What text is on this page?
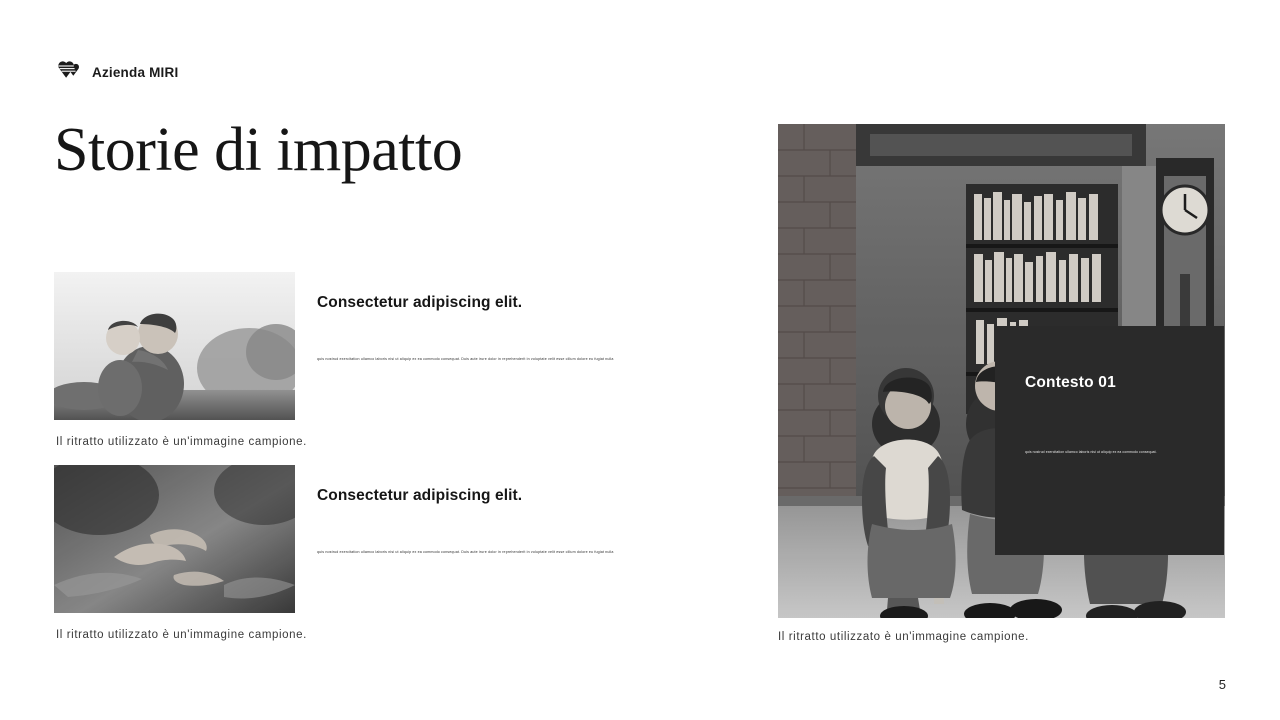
Azienda MIRI
Storie di impatto
Il ritratto utilizzato è un'immagine campione.
Consectetur adipiscing elit.
quis nostrud exercitation ullamco laboris nisi ut aliquip ex ea commodo consequat. Duis aute irure dolor in reprehenderit in voluptate velit esse cillum dolore eu fugiat nulla
Il ritratto utilizzato è un'immagine campione.
Consectetur adipiscing elit.
quis nostrud exercitation ullamco laboris nisi ut aliquip ex ea commodo consequat. Duis aute irure dolor in reprehenderit in voluptate velit esse cillum dolore eu fugiat nulla
Il ritratto utilizzato è un'immagine campione.
Contesto 01
quis nostrud exercitation ullamco laboris nisi ut aliquip ex ea commodo consequat.
5
